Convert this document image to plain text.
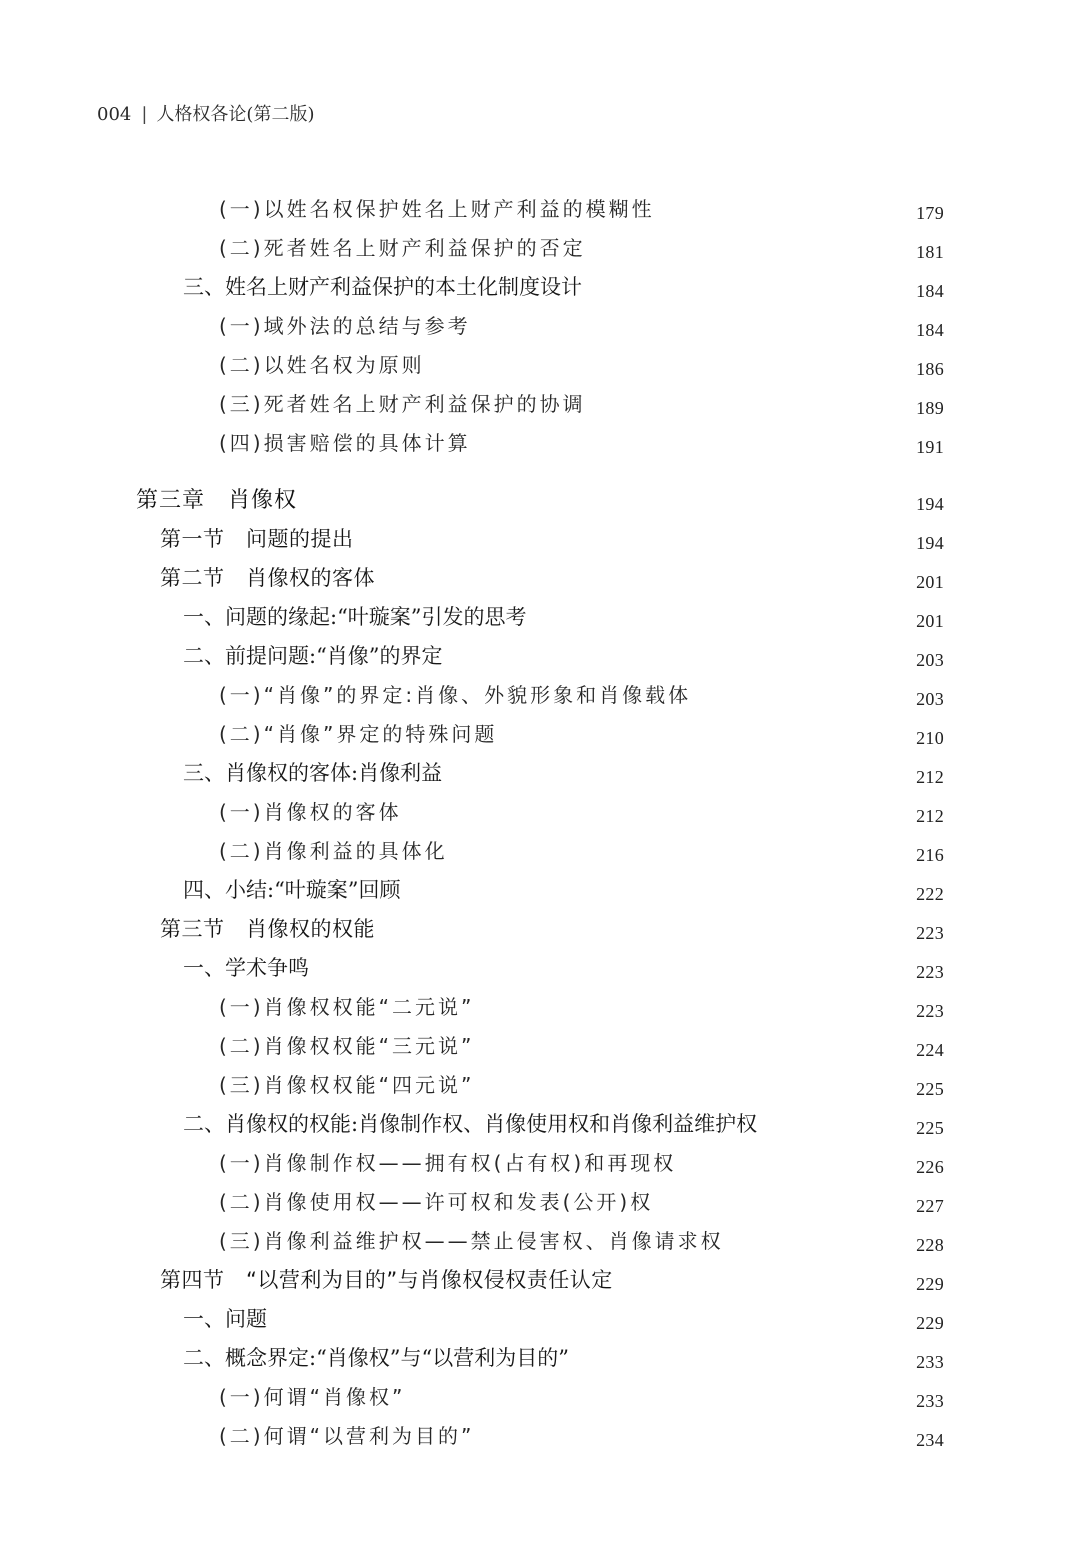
004 | 人格权各论(第二版)
(一)以姓名权保护姓名上财产利益的模糊性	179
(二)死者姓名上财产利益保护的否定	181
三、姓名上财产利益保护的本土化制度设计	184
(一)域外法的总结与参考	184
(二)以姓名权为原则	186
(三)死者姓名上财产利益保护的协调	189
(四)损害赔偿的具体计算	191
第三章　肖像权	194
第一节　问题的提出	194
第二节　肖像权的客体	201
一、问题的缘起:“叶璇案”引发的思考	201
二、前提问题:“肖像”的界定	203
(一)“肖像”的界定:肖像、外貌形象和肖像载体	203
(二)“肖像”界定的特殊问题	210
三、肖像权的客体:肖像利益	212
(一)肖像权的客体	212
(二)肖像利益的具体化	216
四、小结:“叶璇案”回顾	222
第三节　肖像权的权能	223
一、学术争鸣	223
(一)肖像权权能“二元说”	223
(二)肖像权权能“三元说”	224
(三)肖像权权能“四元说”	225
二、肖像权的权能:肖像制作权、肖像使用权和肖像利益维护权	225
(一)肖像制作权——拥有权(占有权)和再现权	226
(二)肖像使用权——许可权和发表(公开)权	227
(三)肖像利益维护权——禁止侵害权、肖像请求权	228
第四节　“以营利为目的”与肖像权侵权责任认定	229
一、问题	229
二、概念界定:“肖像权”与“以营利为目的”	233
(一)何谓“肖像权”	233
(二)何谓“以营利为目的”	234
